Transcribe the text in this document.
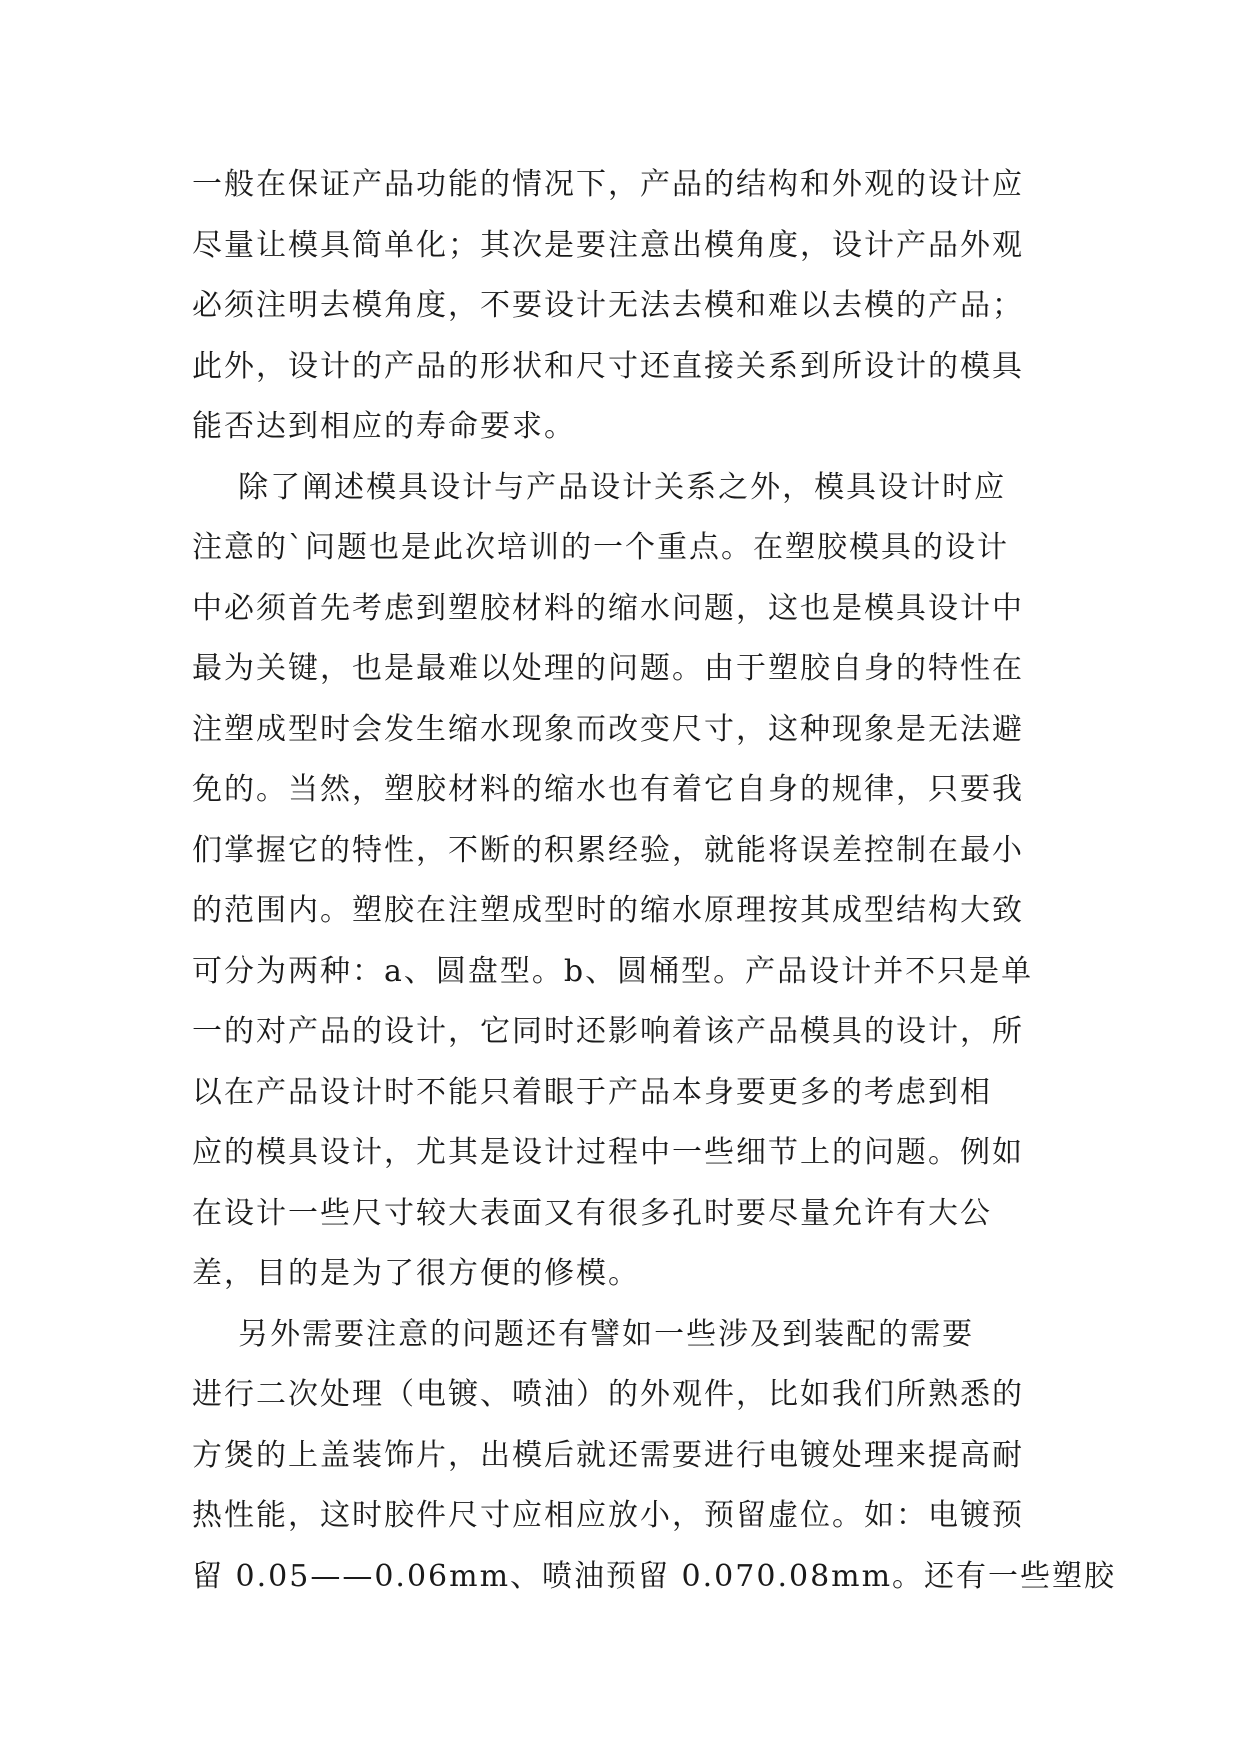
一般在保证产品功能的情况下，产品的结构和外观的设计应
尽量让模具简单化；其次是要注意出模角度，设计产品外观
必须注明去模角度，不要设计无法去模和难以去模的产品；
此外，设计的产品的形状和尺寸还直接关系到所设计的模具
能否达到相应的寿命要求。
除了阐述模具设计与产品设计关系之外，模具设计时应
注意的`问题也是此次培训的一个重点。在塑胶模具的设计
中必须首先考虑到塑胶材料的缩水问题，这也是模具设计中
最为关键，也是最难以处理的问题。由于塑胶自身的特性在
注塑成型时会发生缩水现象而改变尺寸，这种现象是无法避
免的。当然，塑胶材料的缩水也有着它自身的规律，只要我
们掌握它的特性，不断的积累经验，就能将误差控制在最小
的范围内。塑胶在注塑成型时的缩水原理按其成型结构大致
可分为两种：a、圆盘型。b、圆桶型。产品设计并不只是单
一的对产品的设计，它同时还影响着该产品模具的设计，所
以在产品设计时不能只着眼于产品本身要更多的考虑到相
应的模具设计，尤其是设计过程中一些细节上的问题。例如
在设计一些尺寸较大表面又有很多孔时要尽量允许有大公
差，目的是为了很方便的修模。
另外需要注意的问题还有譬如一些涉及到装配的需要
进行二次处理（电镀、喷油）的外观件，比如我们所熟悉的
方煲的上盖装饰片，出模后就还需要进行电镀处理来提高耐
热性能，这时胶件尺寸应相应放小，预留虚位。如：电镀预
留 0.05——0.06mm、喷油预留 0.070.08mm。还有一些塑胶
